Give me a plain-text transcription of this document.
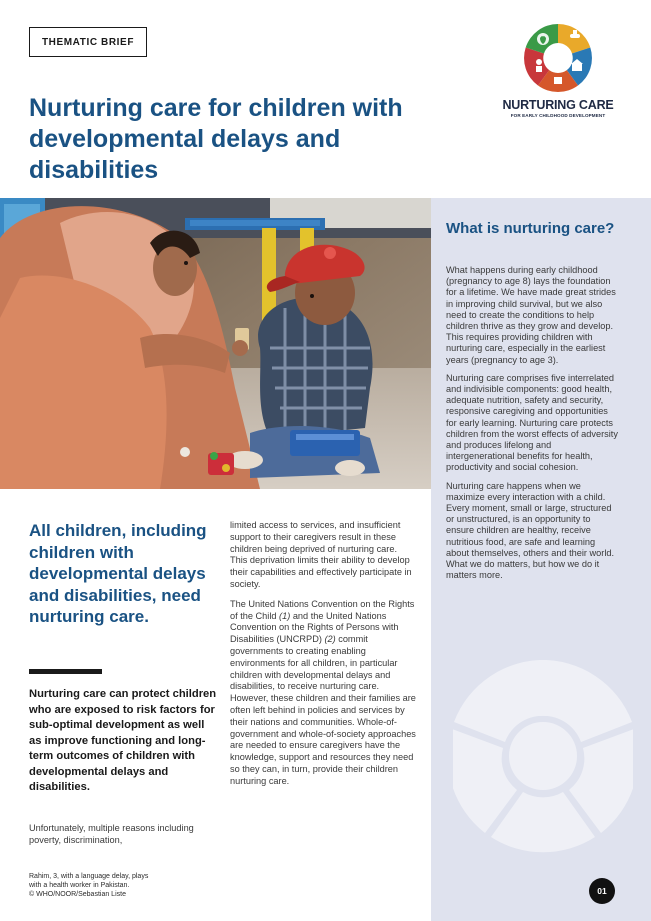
THEMATIC BRIEF
NURTURING CARE
FOR EARLY CHILDHOOD DEVELOPMENT
Nurturing care for children with developmental delays and disabilities
What is nurturing care?

What happens during early childhood (pregnancy to age 8) lays the foundation for a lifetime. We have made great strides in improving child survival, but we also need to create the conditions to help children thrive as they grow and develop. This requires providing children with nurturing care, especially in the earliest years (pregnancy to age 3).

Nurturing care comprises five interrelated and indivisible components: good health, adequate nutrition, safety and security, responsive caregiving and opportunities for early learning. Nurturing care protects children from the worst effects of adversity and produces lifelong and intergenerational benefits for health, productivity and social cohesion.

Nurturing care happens when we maximize every interaction with a child. Every moment, small or large, structured or unstructured, is an opportunity to ensure children are healthy, receive nutritious food, are safe and learning about themselves, others and their world. What we do matters, but how we do it matters more.

All children, including children with developmental delays and disabilities, need nurturing care.

Nurturing care can protect children who are exposed to risk factors for sub-optimal development as well as improve functioning and long-term outcomes of children with developmental delays and disabilities.

Unfortunately, multiple reasons including poverty, discrimination,

limited access to services, and insufficient support to their caregivers result in these children being deprived of nurturing care. This deprivation limits their ability to develop their capabilities and effectively participate in society.

The United Nations Convention on the Rights of the Child (1) and the United Nations Convention on the Rights of Persons with Disabilities (UNCRPD) (2) commit governments to creating enabling environments for all children, in particular children with developmental delays and disabilities, to receive nurturing care. However, these children and their families are often left behind in policies and services by their nations and communities. Whole-of-government and whole-of-society approaches are needed to ensure caregivers have the knowledge, support and resources they need so they can, in turn, provide their children nurturing care.

Rahim, 3, with a language delay, plays
with a health worker in Pakistan.
© WHO/NOOR/Sebastian Liste	01
